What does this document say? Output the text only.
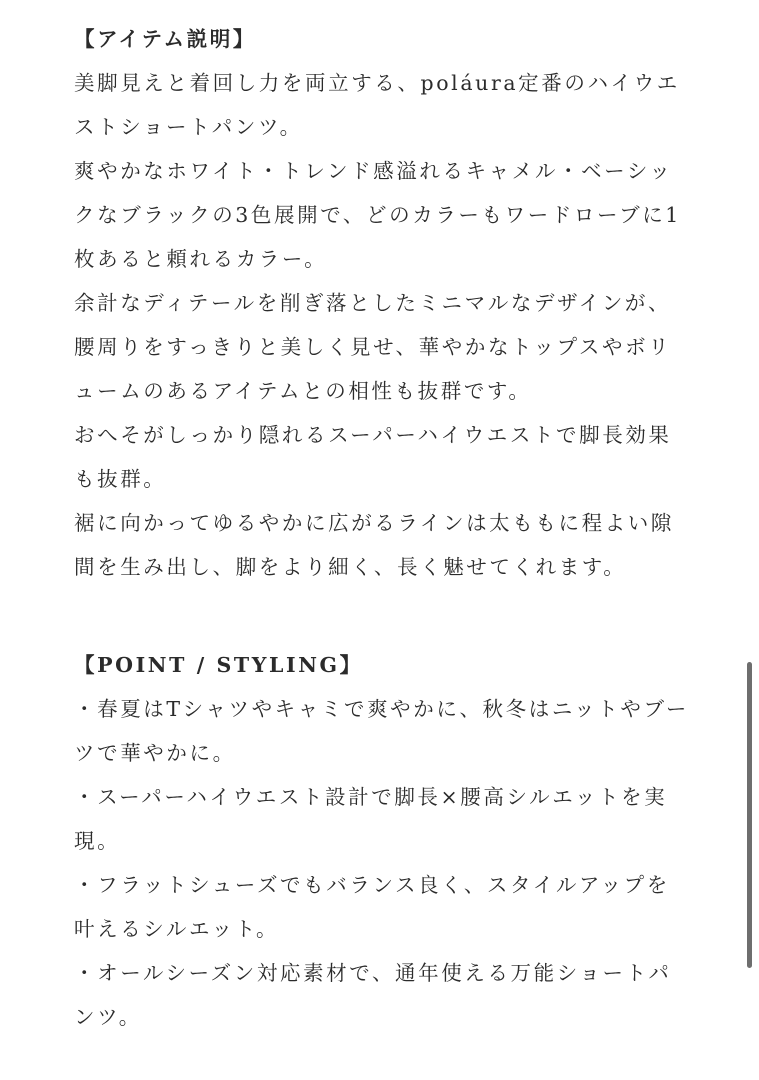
【アイテム説明】

美脚見えと着回し力を両立する、poláura定番のハイウエ

ストショートパンツ。

爽やかなホワイト・トレンド感溢れるキャメル・ベーシッ

クなブラックの3色展開で、どのカラーもワードローブに1

枚あると頼れるカラー。

余計なディテールを削ぎ落としたミニマルなデザインが、

腰周りをすっきりと美しく見せ、華やかなトップスやボリ

ュームのあるアイテムとの相性も抜群です。

おへそがしっかり隠れるスーパーハイウエストで脚長効果

も抜群。

裾に向かってゆるやかに広がるラインは太ももに程よい隙

間を生み出し、脚をより細く、長く魅せてくれます。

【POINT / STYLING】

・春夏はTシャツやキャミで爽やかに、秋冬はニットやブー

ツで華やかに。

・スーパーハイウエスト設計で脚長×腰高シルエットを実

現。

・フラットシューズでもバランス良く、スタイルアップを

叶えるシルエット。

・オールシーズン対応素材で、通年使える万能ショートパ

ンツ。
